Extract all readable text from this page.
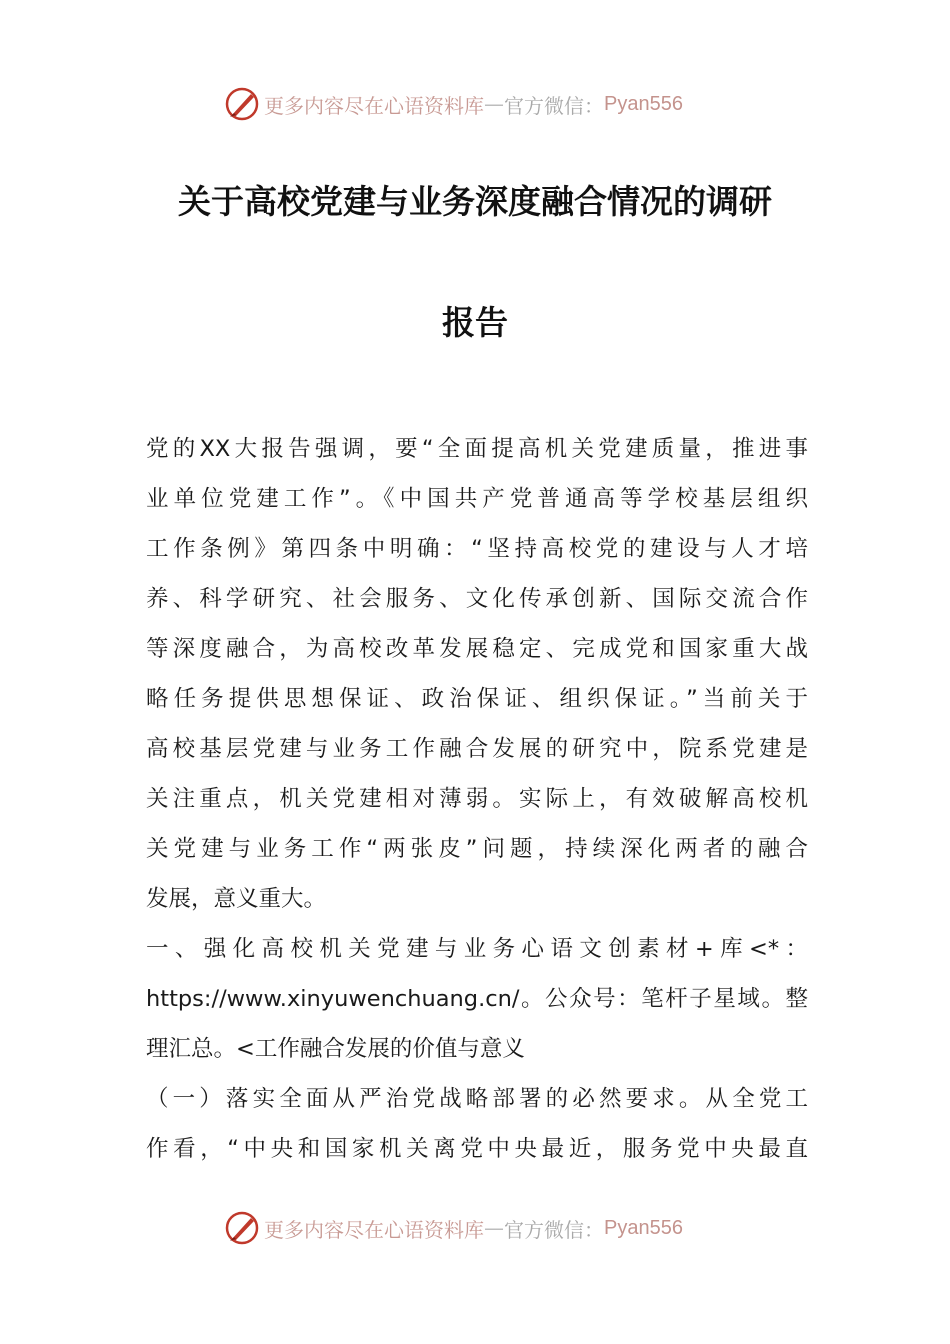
更多内容尽在心语资料库 — 官方微信： Pyan556
关于高校党建与业务深度融合情况的调研
报告
党的XX大报告强调，要“全面提高机关党建质量，推进事
业单位党建工作”。《中国共产党普通高等学校基层组织
工作条例》第四条中明确：“坚持高校党的建设与人才培
养、科学研究、社会服务、文化传承创新、国际交流合作
等深度融合，为高校改革发展稳定、完成党和国家重大战
略任务提供思想保证、政治保证、组织保证。”当前关于
高校基层党建与业务工作融合发展的研究中，院系党建是
关注重点，机关党建相对薄弱。实际上，有效破解高校机
关党建与业务工作“两张皮”问题，持续深化两者的融合
发展，意义重大。
一、强化高校机关党建与业务心语文创素材+库<*：
https://www.xinyuwenchuang.cn/。公众号：笔杆子星域。整
理汇总。<工作融合发展的价值与意义
（一）落实全面从严治党战略部署的必然要求。从全党工
作看，“中央和国家机关离党中央最近，服务党中央最直
更多内容尽在心语资料库 — 官方微信： Pyan556
